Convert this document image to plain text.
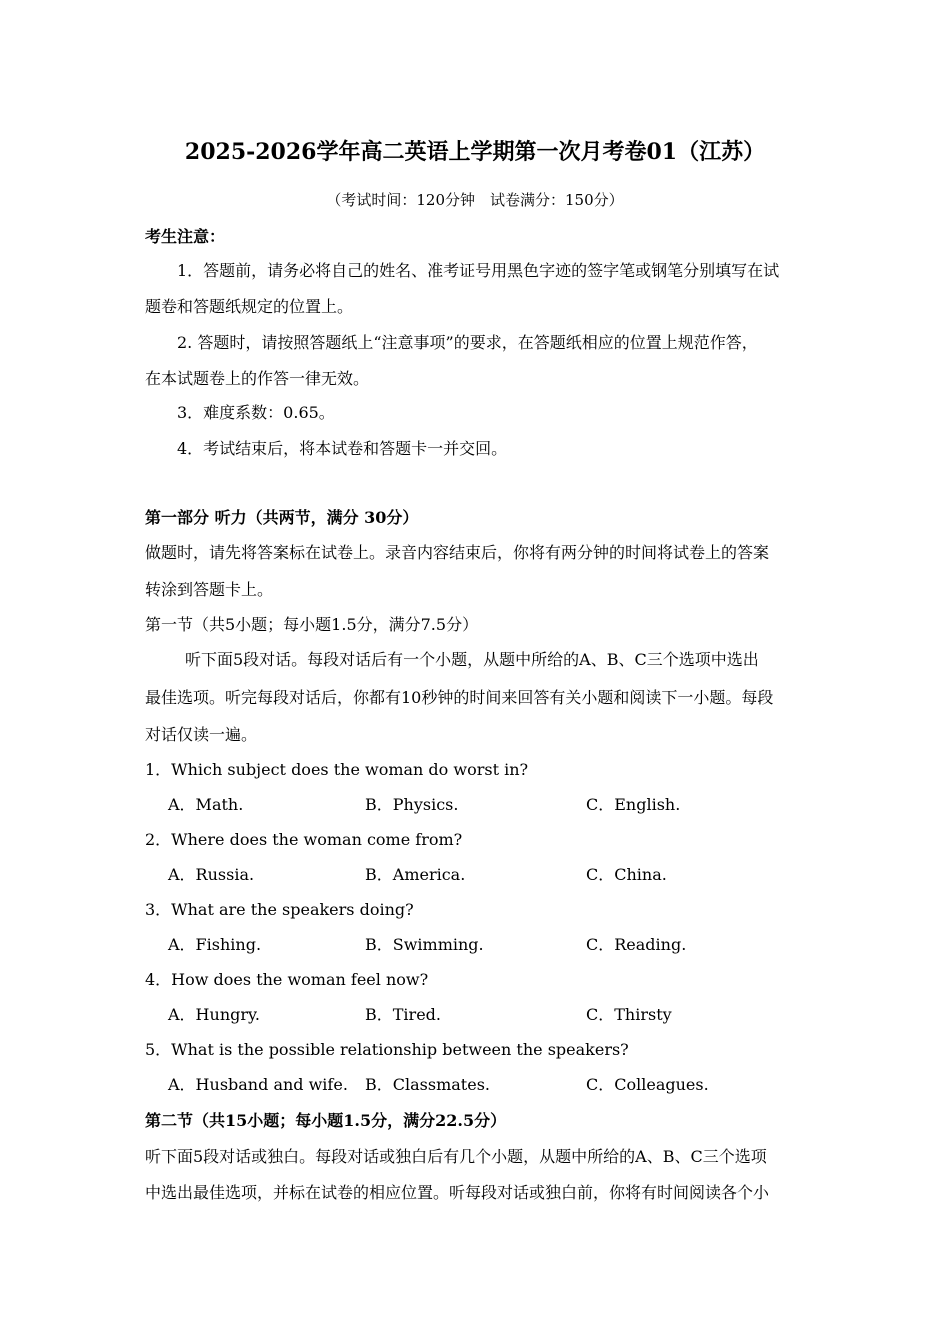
2025-2026学年高二英语上学期第一次月考卷01（江苏）
（考试时间：120分钟　试卷满分：150分）
考生注意：
1．答题前，请务必将自己的姓名、准考证号用黑色字迹的签字笔或钢笔分别填写在试
题卷和答题纸规定的位置上。
2. 答题时，请按照答题纸上“注意事项”的要求，在答题纸相应的位置上规范作答，
在本试题卷上的作答一律无效。
3．难度系数：0.65。
4．考试结束后，将本试卷和答题卡一并交回。
第一部分 听力（共两节，满分 30分）
做题时，请先将答案标在试卷上。录音内容结束后，你将有两分钟的时间将试卷上的答案
转涂到答题卡上。
第一节（共5小题；每小题1.5分，满分7.5分）
听下面5段对话。每段对话后有一个小题，从题中所给的A、B、C三个选项中选出
最佳选项。听完每段对话后，你都有10秒钟的时间来回答有关小题和阅读下一小题。每段
对话仅读一遍。
1．Which subject does the woman do worst in?
A．Math.	B．Physics.	C．English.
2．Where does the woman come from?
A．Russia.	B．America.	C．China.
3．What are the speakers doing?
A．Fishing.	B．Swimming.	C．Reading.
4．How does the woman feel now?
A．Hungry.	B．Tired.	C．Thirsty
5．What is the possible relationship between the speakers?
A．Husband and wife. B．Classmates.	C．Colleagues.
第二节（共15小题；每小题1.5分，满分22.5分）
听下面5段对话或独白。每段对话或独白后有几个小题，从题中所给的A、B、C三个选项
中选出最佳选项，并标在试卷的相应位置。听每段对话或独白前，你将有时间阅读各个小
